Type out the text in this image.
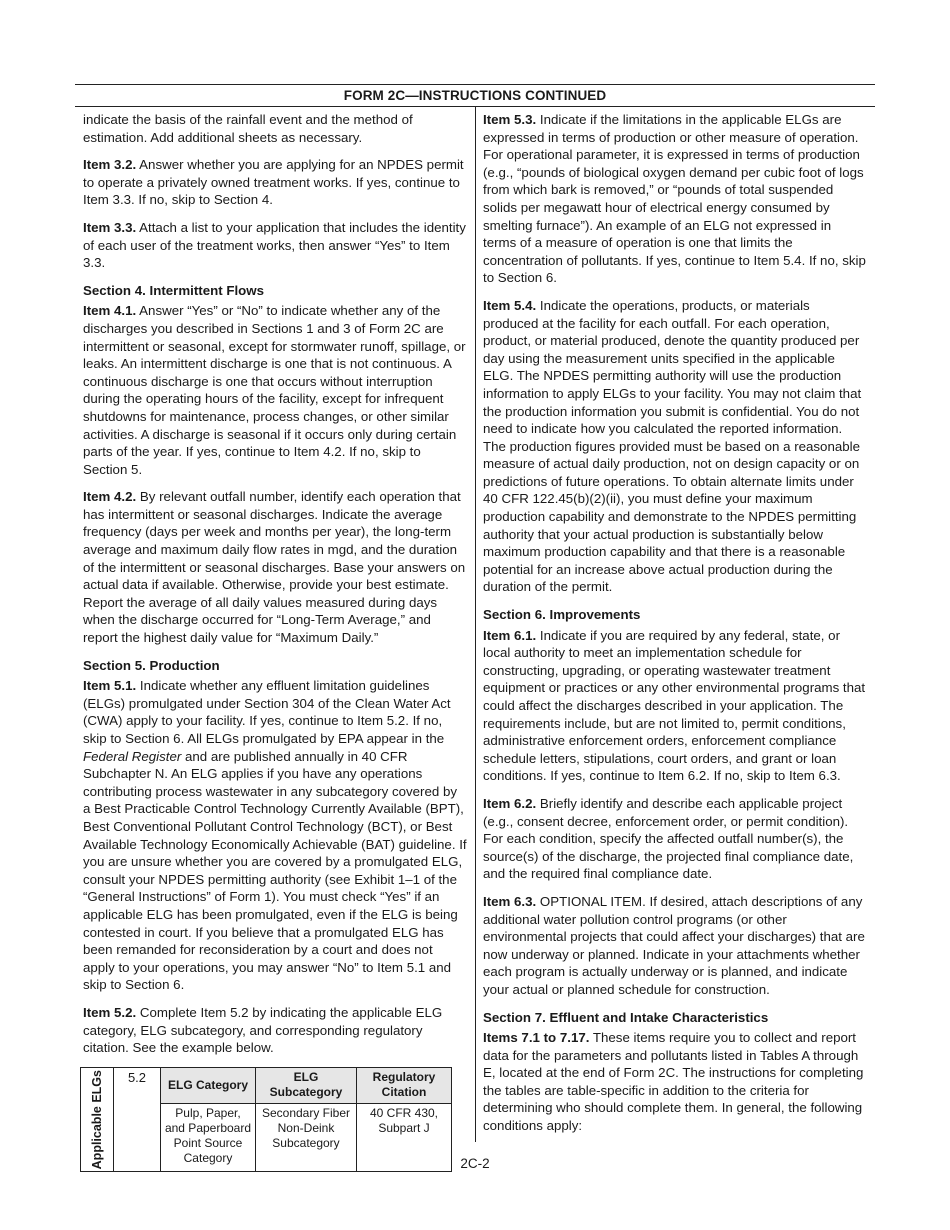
FORM 2C—INSTRUCTIONS CONTINUED

indicate the basis of the rainfall event and the method of estimation. Add additional sheets as necessary.

Item 3.2. Answer whether you are applying for an NPDES permit to operate a privately owned treatment works. If yes, continue to Item 3.3. If no, skip to Section 4.

Item 3.3. Attach a list to your application that includes the identity of each user of the treatment works, then answer “Yes” to Item 3.3.

Section 4. Intermittent Flows

Item 4.1. Answer “Yes” or “No” to indicate whether any of the discharges you described in Sections 1 and 3 of Form 2C are intermittent or seasonal, except for stormwater runoff, spillage, or leaks. An intermittent discharge is one that is not continuous. A continuous discharge is one that occurs without interruption during the operating hours of the facility, except for infrequent shutdowns for maintenance, process changes, or other similar activities. A discharge is seasonal if it occurs only during certain parts of the year. If yes, continue to Item 4.2. If no, skip to Section 5.

Item 4.2. By relevant outfall number, identify each operation that has intermittent or seasonal discharges. Indicate the average frequency (days per week and months per year), the long-term average and maximum daily flow rates in mgd, and the duration of the intermittent or seasonal discharges. Base your answers on actual data if available. Otherwise, provide your best estimate. Report the average of all daily values measured during days when the discharge occurred for “Long-Term Average,” and report the highest daily value for “Maximum Daily.”

Section 5. Production

Item 5.1. Indicate whether any effluent limitation guidelines (ELGs) promulgated under Section 304 of the Clean Water Act (CWA) apply to your facility. If yes, continue to Item 5.2. If no, skip to Section 6. All ELGs promulgated by EPA appear in the Federal Register and are published annually in 40 CFR Subchapter N. An ELG applies if you have any operations contributing process wastewater in any subcategory covered by a Best Practicable Control Technology Currently Available (BPT), Best Conventional Pollutant Control Technology (BCT), or Best Available Technology Economically Achievable (BAT) guideline. If you are unsure whether you are covered by a promulgated ELG, consult your NPDES permitting authority (see Exhibit 1–1 of the “General Instructions” of Form 1). You must check “Yes” if an applicable ELG has been promulgated, even if the ELG is being contested in court. If you believe that a promulgated ELG has been remanded for reconsideration by a court and does not apply to your operations, you may answer “No” to Item 5.1 and skip to Section 6.

Item 5.2. Complete Item 5.2 by indicating the applicable ELG category, ELG subcategory, and corresponding regulatory citation. See the example below.

Applicable ELGs	5.2	ELG Category	ELG Subcategory	Regulatory Citation
		Pulp, Paper, and Paperboard Point Source Category	Secondary Fiber Non-Deink Subcategory	40 CFR 430, Subpart J

Item 5.3. Indicate if the limitations in the applicable ELGs are expressed in terms of production or other measure of operation. For operational parameter, it is expressed in terms of production (e.g., “pounds of biological oxygen demand per cubic foot of logs from which bark is removed,” or “pounds of total suspended solids per megawatt hour of electrical energy consumed by smelting furnace”). An example of an ELG not expressed in terms of a measure of operation is one that limits the concentration of pollutants. If yes, continue to Item 5.4. If no, skip to Section 6.

Item 5.4. Indicate the operations, products, or materials produced at the facility for each outfall. For each operation, product, or material produced, denote the quantity produced per day using the measurement units specified in the applicable ELG. The NPDES permitting authority will use the production information to apply ELGs to your facility. You may not claim that the production information you submit is confidential. You do not need to indicate how you calculated the reported information. The production figures provided must be based on a reasonable measure of actual daily production, not on design capacity or on predictions of future operations. To obtain alternate limits under 40 CFR 122.45(b)(2)(ii), you must define your maximum production capability and demonstrate to the NPDES permitting authority that your actual production is substantially below maximum production capability and that there is a reasonable potential for an increase above actual production during the duration of the permit.

Section 6. Improvements

Item 6.1. Indicate if you are required by any federal, state, or local authority to meet an implementation schedule for constructing, upgrading, or operating wastewater treatment equipment or practices or any other environmental programs that could affect the discharges described in your application. The requirements include, but are not limited to, permit conditions, administrative enforcement orders, enforcement compliance schedule letters, stipulations, court orders, and grant or loan conditions. If yes, continue to Item 6.2. If no, skip to Item 6.3.

Item 6.2. Briefly identify and describe each applicable project (e.g., consent decree, enforcement order, or permit condition). For each condition, specify the affected outfall number(s), the source(s) of the discharge, the projected final compliance date, and the required final compliance date.

Item 6.3. OPTIONAL ITEM. If desired, attach descriptions of any additional water pollution control programs (or other environmental projects that could affect your discharges) that are now underway or planned. Indicate in your attachments whether each program is actually underway or is planned, and indicate your actual or planned schedule for construction.

Section 7. Effluent and Intake Characteristics

Items 7.1 to 7.17. These items require you to collect and report data for the parameters and pollutants listed in Tables A through E, located at the end of Form 2C. The instructions for completing the tables are table-specific in addition to the criteria for determining who should complete them. In general, the following conditions apply:

2C-2
